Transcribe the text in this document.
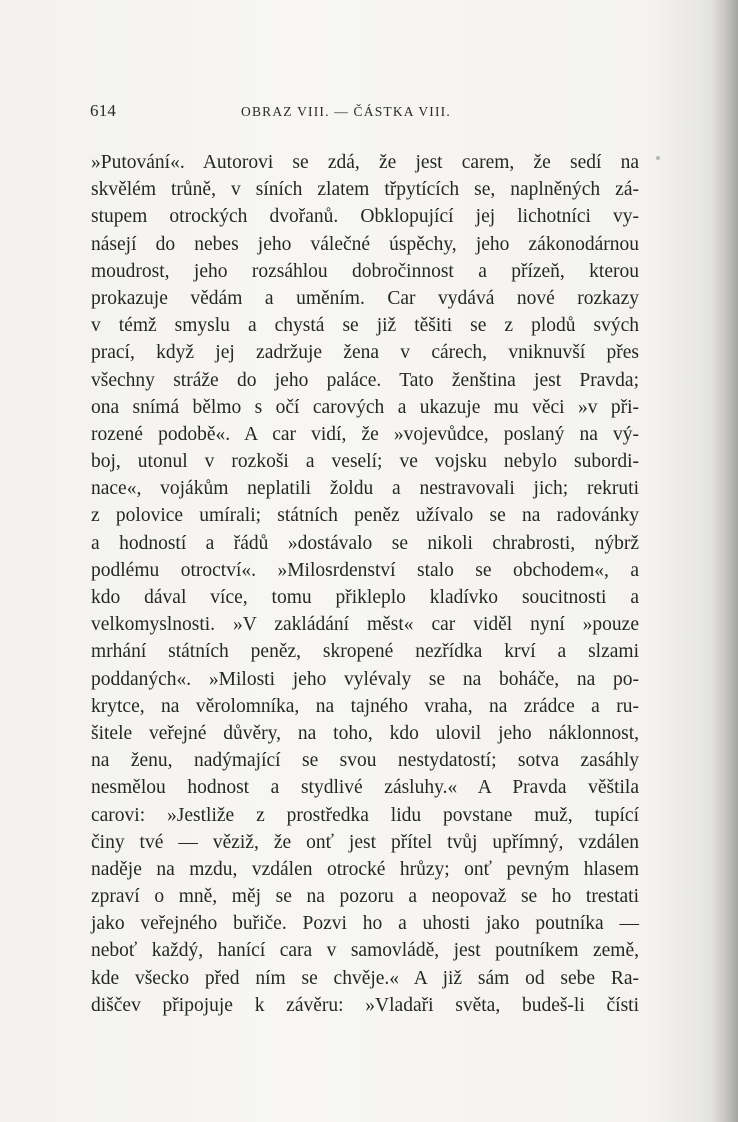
614	OBRAZ VIII. — ČÁSTKA VIII.
»Putování«. Autorovi se zdá, že jest carem, že sedí na
skvělém trůně, v síních zlatem třpytících se, naplněných zá-
stupem otrockých dvořanů. Obklopující jej lichotníci vy-
násejí do nebes jeho válečné úspěchy, jeho zákonodárnou
moudrost, jeho rozsáhlou dobročinnost a přízeň, kterou
prokazuje vědám a uměním. Car vydává nové rozkazy
v témž smyslu a chystá se již těšiti se z plodů svých
prací, když jej zadržuje žena v cárech, vniknuvší přes
všechny stráže do jeho paláce. Tato ženština jest Pravda;
ona snímá bělmo s očí carových a ukazuje mu věci »v při-
rozené podobě«. A car vidí, že »vojevůdce, poslaný na vý-
boj, utonul v rozkoši a veselí; ve vojsku nebylo subordi-
nace«, vojákům neplatili žoldu a nestravovali jich; rekruti
z polovice umírali; státních peněz užívalo se na radovánky
a hodností a řádů »dostávalo se nikoli chrabrosti, nýbrž
podlému otroctví«. »Milosrdenství stalo se obchodem«, a
kdo dával více, tomu přikleplo kladívko soucitnosti a
velkomyslnosti. »V zakládání měst« car viděl nyní »pouze
mrhání státních peněz, skropené nezřídka krví a slzami
poddaných«. »Milosti jeho vylévaly se na boháče, na po-
krytce, na věrolomníka, na tajného vraha, na zrádce a ru-
šitele veřejné důvěry, na toho, kdo ulovil jeho náklonnost,
na ženu, nadýmající se svou nestydatostí; sotva zasáhly
nesmělou hodnost a stydlivé zásluhy.« A Pravda věštila
carovi: »Jestliže z prostředka lidu povstane muž, tupící
činy tvé — věziž, že onť jest přítel tvůj upřímný, vzdálen
naděje na mzdu, vzdálen otrocké hrůzy; onť pevným hlasem
zpraví o mně, měj se na pozoru a neopovaž se ho trestati
jako veřejného buřiče. Pozvi ho a uhosti jako poutníka —
neboť každý, hanící cara v samovládě, jest poutníkem země,
kde všecko před ním se chvěje.« A již sám od sebe Ra-
diščev připojuje k závěru: »Vladaři světa, budeš-li čísti
